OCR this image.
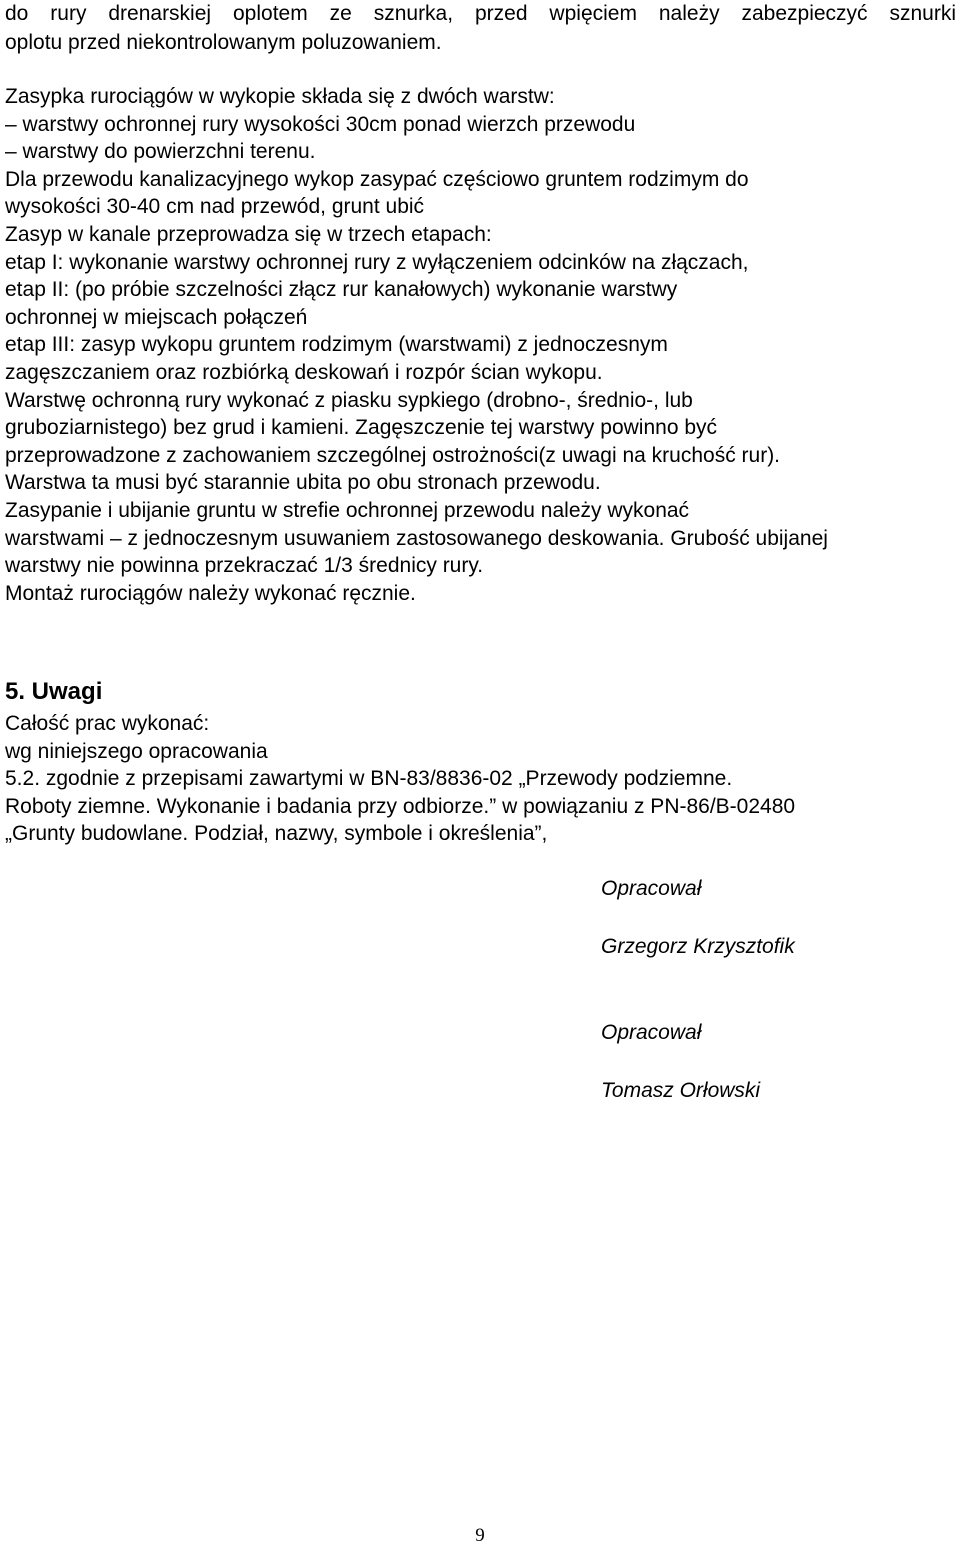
do rury drenarskiej oplotem ze sznurka, przed wpięciem należy zabezpieczyć sznurki
oplotu przed niekontrolowanym poluzowaniem.
Zasypka rurociągów w wykopie składa się z dwóch warstw:
– warstwy ochronnej rury wysokości 30cm ponad wierzch przewodu
– warstwy do powierzchni terenu.
Dla przewodu kanalizacyjnego wykop zasypać częściowo gruntem rodzimym do
wysokości 30-40 cm nad przewód, grunt ubić
Zasyp w kanale przeprowadza się w trzech etapach:
etap I: wykonanie warstwy ochronnej rury z wyłączeniem odcinków na złączach,
etap II: (po próbie szczelności złącz rur kanałowych) wykonanie warstwy
ochronnej w miejscach połączeń
etap III: zasyp wykopu gruntem rodzimym (warstwami) z jednoczesnym
zagęszczaniem oraz rozbiórką deskowań i rozpór ścian wykopu.
Warstwę ochronną rury wykonać z piasku sypkiego (drobno-, średnio-, lub
gruboziarnistego) bez grud i kamieni. Zagęszczenie tej warstwy powinno być
przeprowadzone z zachowaniem szczególnej ostrożności(z uwagi na kruchość rur).
Warstwa ta musi być starannie ubita po obu stronach przewodu.
Zasypanie i ubijanie gruntu w strefie ochronnej przewodu należy wykonać
warstwami – z jednoczesnym usuwaniem zastosowanego deskowania. Grubość ubijanej
warstwy nie powinna przekraczać 1/3 średnicy rury.
Montaż rurociągów należy wykonać ręcznie.
5. Uwagi
Całość prac wykonać:
wg niniejszego opracowania
5.2. zgodnie z przepisami zawartymi w BN-83/8836-02 „Przewody podziemne.
Roboty ziemne. Wykonanie i badania przy odbiorze.” w powiązaniu z PN-86/B-02480
„Grunty budowlane. Podział, nazwy, symbole i określenia”,
Opracował
Grzegorz Krzysztofik
Opracował
Tomasz Orłowski
9
